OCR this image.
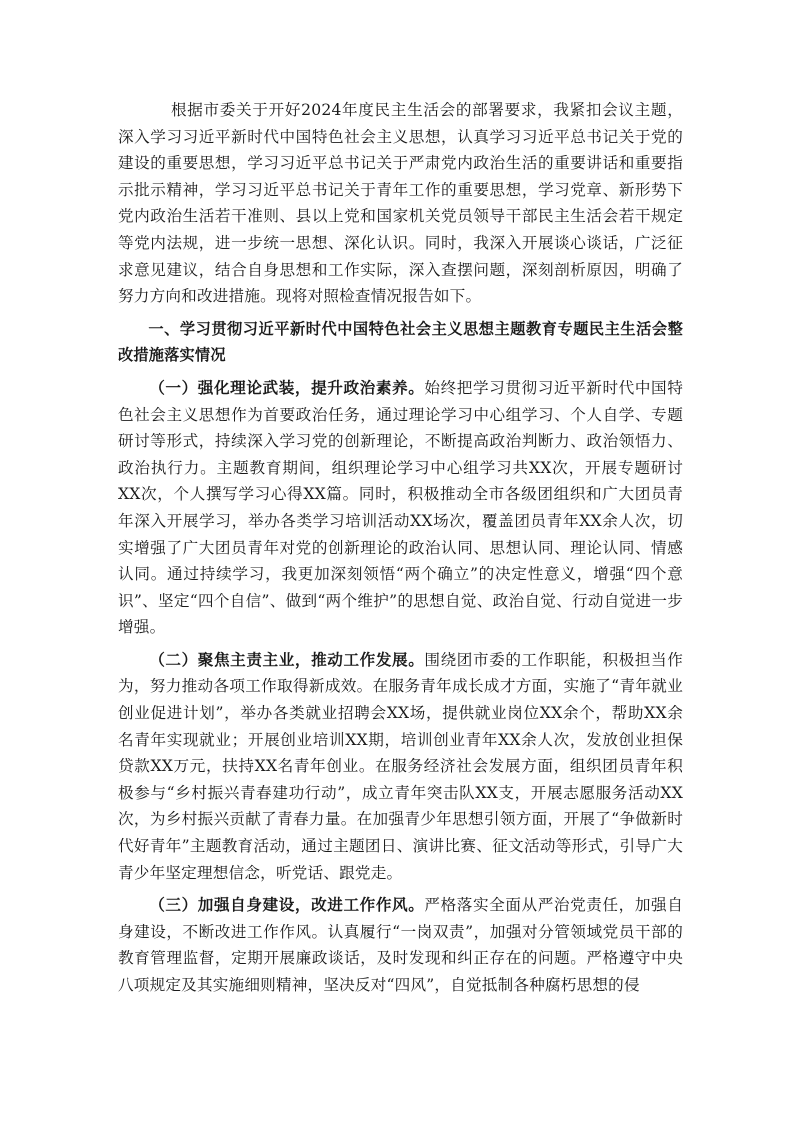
根据市委关于开好2024年度民主生活会的部署要求，我紧扣会议主题，深入学习习近平新时代中国特色社会主义思想，认真学习习近平总书记关于党的建设的重要思想，学习习近平总书记关于严肃党内政治生活的重要讲话和重要指示批示精神，学习习近平总书记关于青年工作的重要思想，学习党章、新形势下党内政治生活若干准则、县以上党和国家机关党员领导干部民主生活会若干规定等党内法规，进一步统一思想、深化认识。同时，我深入开展谈心谈话，广泛征求意见建议，结合自身思想和工作实际，深入查摆问题，深刻剖析原因，明确了努力方向和改进措施。现将对照检查情况报告如下。

一、学习贯彻习近平新时代中国特色社会主义思想主题教育专题民主生活会整改措施落实情况

（一）强化理论武装，提升政治素养。始终把学习贯彻习近平新时代中国特色社会主义思想作为首要政治任务，通过理论学习中心组学习、个人自学、专题研讨等形式，持续深入学习党的创新理论，不断提高政治判断力、政治领悟力、政治执行力。主题教育期间，组织理论学习中心组学习共XX次，开展专题研讨XX次，个人撰写学习心得XX篇。同时，积极推动全市各级团组织和广大团员青年深入开展学习，举办各类学习培训活动XX场次，覆盖团员青年XX余人次，切实增强了广大团员青年对党的创新理论的政治认同、思想认同、理论认同、情感认同。通过持续学习，我更加深刻领悟“两个确立”的决定性意义，增强“四个意识”、坚定“四个自信”、做到“两个维护”的思想自觉、政治自觉、行动自觉进一步增强。

（二）聚焦主责主业，推动工作发展。围绕团市委的工作职能，积极担当作为，努力推动各项工作取得新成效。在服务青年成长成才方面，实施了“青年就业创业促进计划”，举办各类就业招聘会XX场，提供就业岗位XX余个，帮助XX余名青年实现就业；开展创业培训XX期，培训创业青年XX余人次，发放创业担保贷款XX万元，扶持XX名青年创业。在服务经济社会发展方面，组织团员青年积极参与“乡村振兴青春建功行动”，成立青年突击队XX支，开展志愿服务活动XX次，为乡村振兴贡献了青春力量。在加强青少年思想引领方面，开展了“争做新时代好青年”主题教育活动，通过主题团日、演讲比赛、征文活动等形式，引导广大青少年坚定理想信念，听党话、跟党走。

（三）加强自身建设，改进工作作风。严格落实全面从严治党责任，加强自身建设，不断改进工作作风。认真履行“一岗双责”，加强对分管领域党员干部的教育管理监督，定期开展廉政谈话，及时发现和纠正存在的问题。严格遵守中央八项规定及其实施细则精神，坚决反对“四风”，自觉抵制各种腐朽思想的侵
